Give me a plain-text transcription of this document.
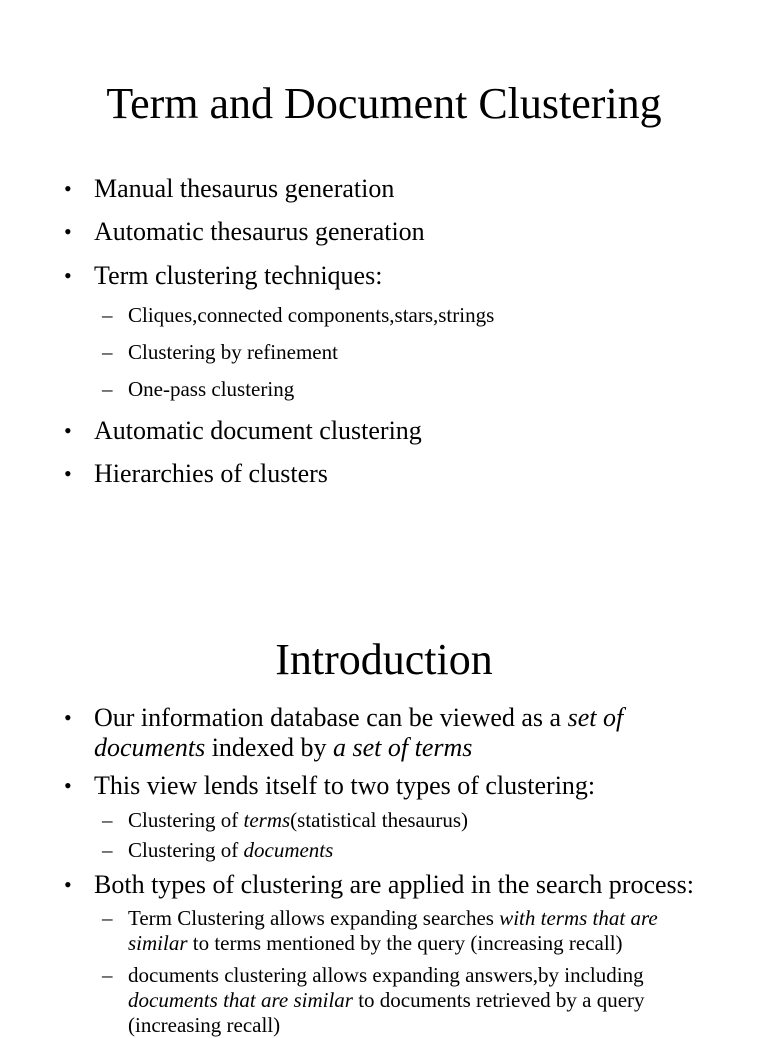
Term and Document Clustering
• Manual thesaurus generation
• Automatic thesaurus generation
• Term clustering techniques:
– Cliques,connected components,stars,strings
– Clustering by refinement
– One-pass clustering
• Automatic document clustering
• Hierarchies of clusters
Introduction
• Our information database can be viewed as a set of documents indexed by a set of terms
• This view lends itself to two types of clustering:
– Clustering of terms(statistical thesaurus)
– Clustering of documents
• Both types of clustering are applied in the search process:
– Term Clustering allows expanding searches with terms that are similar to terms mentioned by the query (increasing recall)
– documents clustering allows expanding answers,by including documents that are similar to documents retrieved by a query (increasing recall)
